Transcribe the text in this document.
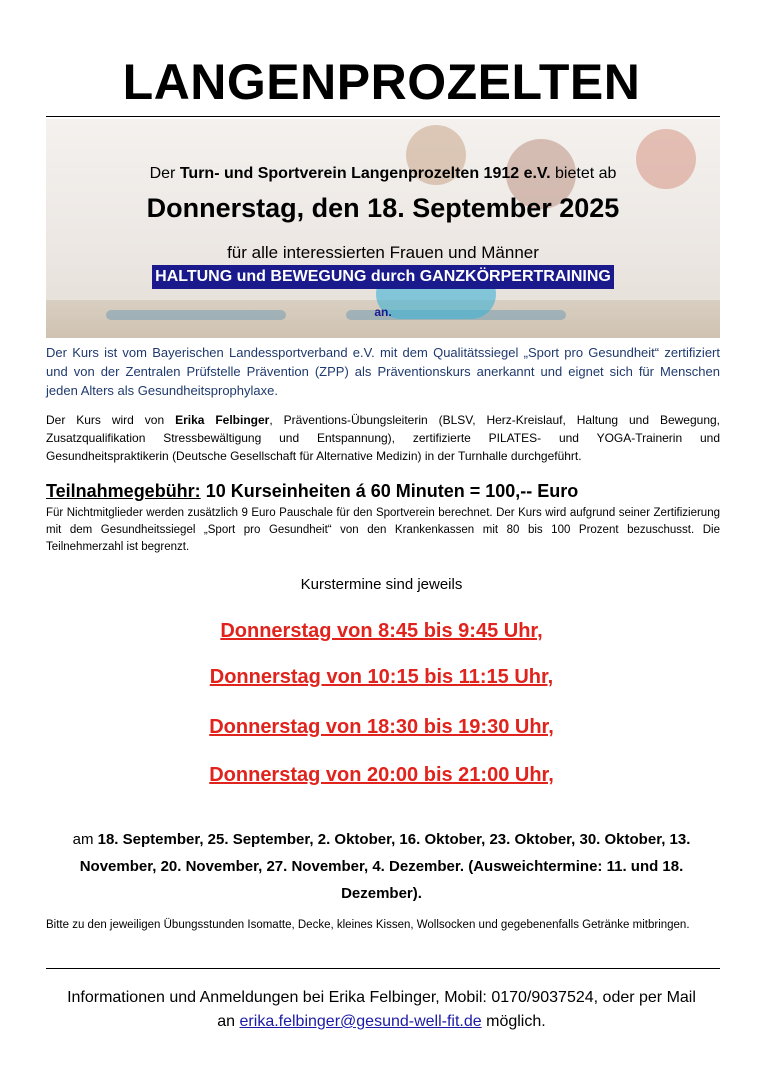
LANGENPROZELTEN
Der Turn- und Sportverein Langenprozelten 1912 e.V. bietet ab
Donnerstag, den 18. September 2025
für alle interessierten Frauen und Männer
HALTUNG und BEWEGUNG durch GANZKÖRPERTRAINING
an.

Der Kurs ist vom Bayerischen Landessportverband e.V. mit dem Qualitätssiegel „Sport pro Gesundheit“ zertifiziert und von der Zentralen Prüfstelle Prävention (ZPP) als Präventionskurs anerkannt und eignet sich für Menschen jeden Alters als Gesundheitsprophylaxe.

Der Kurs wird von Erika Felbinger, Präventions-Übungsleiterin (BLSV, Herz-Kreislauf, Haltung und Bewegung, Zusatzqualifikation Stressbewältigung und Entspannung), zertifizierte PILATES- und YOGA-Trainerin und Gesundheitspraktikerin (Deutsche Gesellschaft für Alternative Medizin) in der Turnhalle durchgeführt.

Teilnahmegebühr: 10 Kurseinheiten á 60 Minuten = 100,-- Euro

Für Nichtmitglieder werden zusätzlich 9 Euro Pauschale für den Sportverein berechnet. Der Kurs wird aufgrund seiner Zertifizierung mit dem Gesundheitssiegel „Sport pro Gesundheit“ von den Krankenkassen mit 80 bis 100 Prozent bezuschusst. Die Teilnehmerzahl ist begrenzt.

Kurstermine sind jeweils
Donnerstag von 8:45 bis 9:45 Uhr,
Donnerstag von 10:15 bis 11:15 Uhr,
Donnerstag von 18:30 bis 19:30 Uhr,
Donnerstag von 20:00 bis 21:00 Uhr,
am 18. September, 25. September, 2. Oktober, 16. Oktober, 23. Oktober, 30. Oktober, 13. November, 20. November, 27. November, 4. Dezember. (Ausweichtermine: 11. und 18. Dezember).

Bitte zu den jeweiligen Übungsstunden Isomatte, Decke, kleines Kissen, Wollsocken und gegebenenfalls Getränke mitbringen.

Informationen und Anmeldungen bei Erika Felbinger, Mobil: 0170/9037524, oder per Mail
an erika.felbinger@gesund-well-fit.de möglich.
